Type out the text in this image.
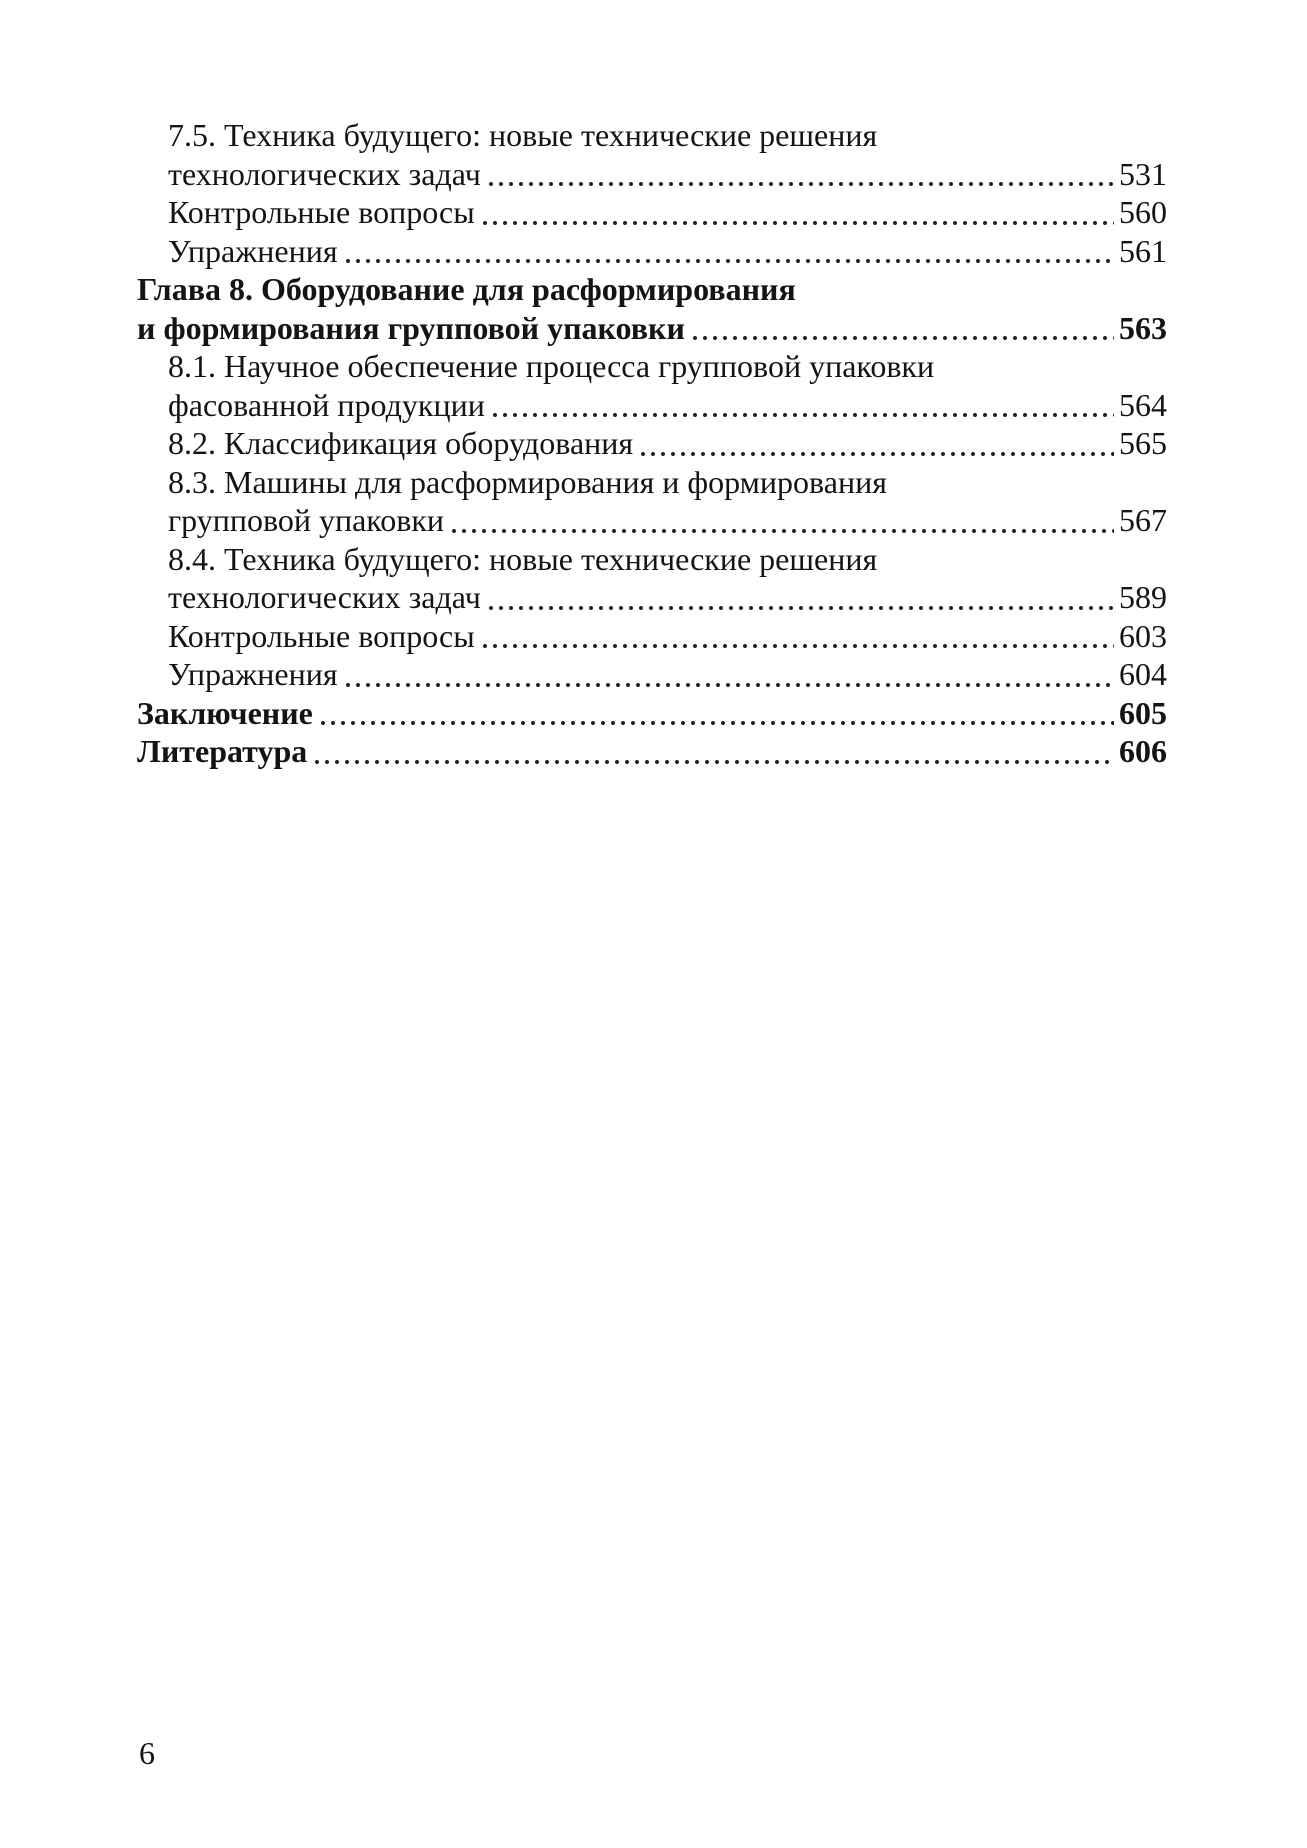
7.5. Техника будущего: новые технические решения
технологических задач	531
Контрольные вопросы	560
Упражнения	561
Глава 8. Оборудование для расформирования
и формирования групповой упаковки	563
8.1. Научное обеспечение процесса групповой упаковки
фасованной продукции	564
8.2. Классификация оборудования	565
8.3. Машины для расформирования и формирования
групповой упаковки	567
8.4. Техника будущего: новые технические решения
технологических задач	589
Контрольные вопросы	603
Упражнения	604
Заключение	605
Литература	606
6
